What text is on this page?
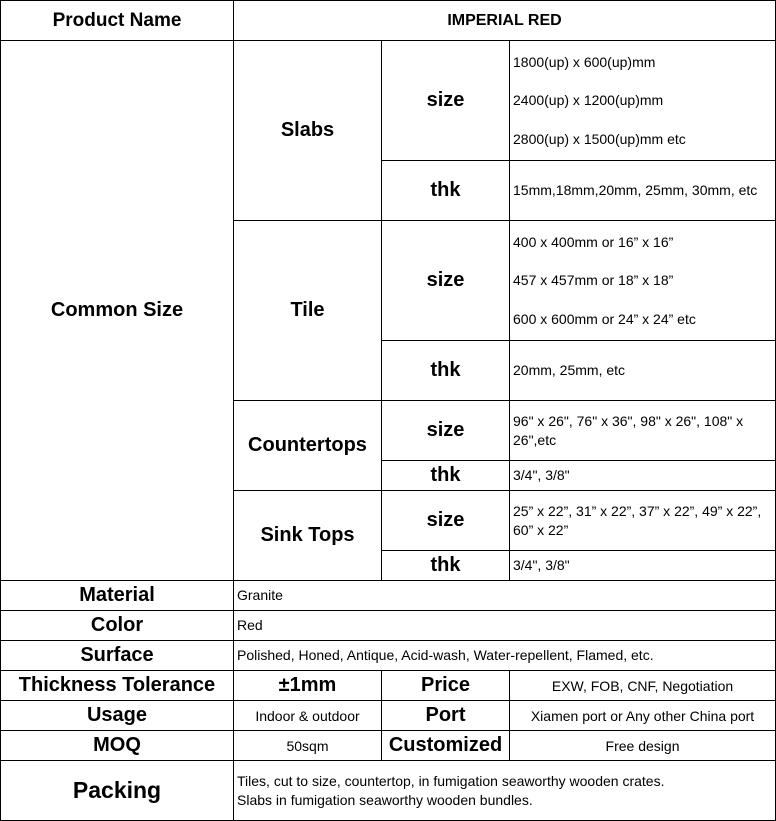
Product Name	IMPERIAL RED		
Common Size	Slabs	size	1800(up) x 600(up)mm
2400(up) x 1200(up)mm
2800(up) x 1500(up)mm etc

		thk	15mm,18mm,20mm, 25mm, 30mm, etc
	Tile	size	400 x 400mm or 16” x 16”
457 x 457mm or 18” x 18”
600 x 600mm or 24” x 24” etc

		thk	20mm, 25mm, etc
	Countertops	size	96" x 26", 76" x 36", 98" x 26", 108" x 26",etc
		thk	3/4", 3/8"
	Sink Tops	size	25” x 22”, 31” x 22”, 37” x 22”, 49” x 22”, 60” x 22”
		thk	3/4", 3/8"
Material	Granite		
Color	Red		
Surface	Polished, Honed, Antique, Acid-wash, Water-repellent, Flamed, etc.		
Thickness Tolerance	±1mm	Price	EXW, FOB, CNF, Negotiation
Usage	Indoor & outdoor	Port	Xiamen port or Any other China port
MOQ	50sqm	Customized	Free design
Packing	Tiles, cut to size, countertop, in fumigation seaworthy wooden crates.
Slabs in fumigation seaworthy wooden bundles.		
